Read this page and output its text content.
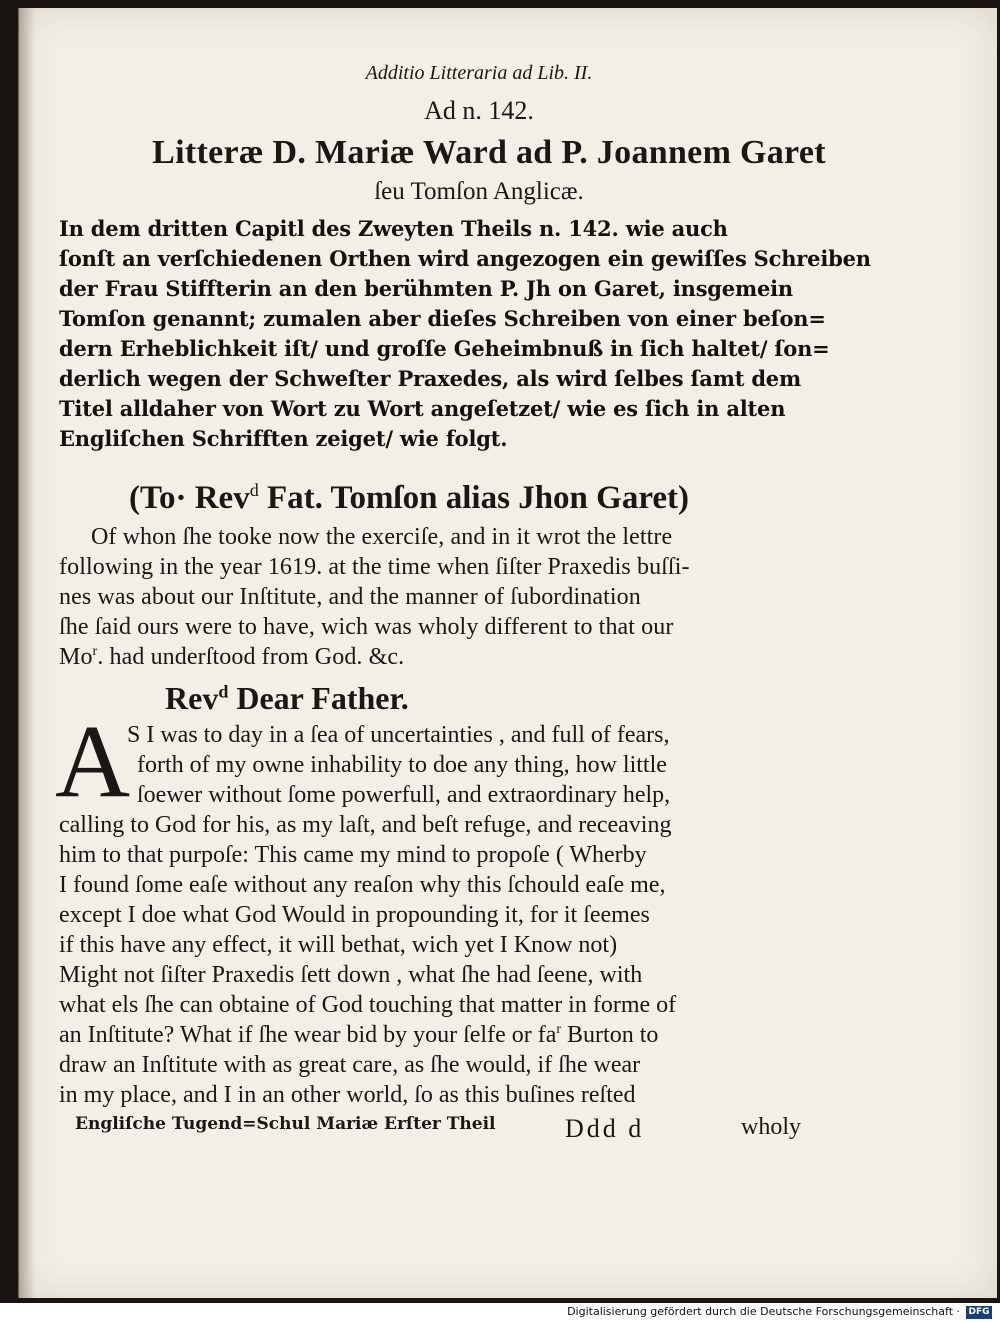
Additio Litteraria ad Lib. II.
Ad n. 142.
Litteræ D. Mariæ Ward ad P. Joannem Garet
ſeu Tomſon Anglicæ.
In dem dritten Capitl des Zweyten Theils n. 142. wie auch
ſonſt an verſchiedenen Orthen wird angezogen ein gewiſſes Schreiben
der Frau Stiffterin an den berühmten P. Jh on Garet, insgemein
Tomſon genannt; zumalen aber dieſes Schreiben von einer beſon=
dern Erheblichkeit iſt/ und groſſe Geheimbnuß in ſich haltet/ ſon=
derlich wegen der Schweſter Praxedes, als wird ſelbes ſamt dem
Titel alldaher von Wort zu Wort angeſetzet/ wie es ſich in alten
Engliſchen Schrifften zeiget/ wie folgt.
(To· Rev$^d$ Fat. Tomſon alias Jhon Garet)
Of whon ſhe tooke now the exerciſe, and in it wrot the lettre
following in the year 1619. at the time when ſiſter Praxedis buſſi-
nes was about our Inſtitute, and the manner of ſubordination
ſhe ſaid ours were to have, wich was wholy different to that our
Mo$^r$. had underſtood from God. &c.
Rev$^d$ Dear Father.
A
S I was to day in a ſea of uncertainties , and full of fears,
forth of my owne inhability to doe any thing, how little
ſoewer without ſome powerfull, and extraordinary help,
calling to God for his, as my laſt, and beſt refuge, and receaving
him to that purpoſe: This came my mind to propoſe ( Wherby
I found ſome eaſe without any reaſon why this ſchould eaſe me,
except I doe what God Would in propounding it, for it ſeemes
if this have any effect, it will bethat, wich yet I Know not)
Might not ſiſter Praxedis ſett down , what ſhe had ſeene, with
what els ſhe can obtaine of God touching that matter in forme of
an Inſtitute? What if ſhe wear bid by your ſelfe or $fa^r$ Burton to
draw an Inſtitute with as great care, as ſhe would, if ſhe wear
in my place, and I in an other world, ſo as this buſines reſted
Engliſche Tugend=Schul Mariæ Erſter Theil	Ddd d	wholy
Digitalisierung gefördert durch die Deutsche Forschungsgemeinschaft · DFG
